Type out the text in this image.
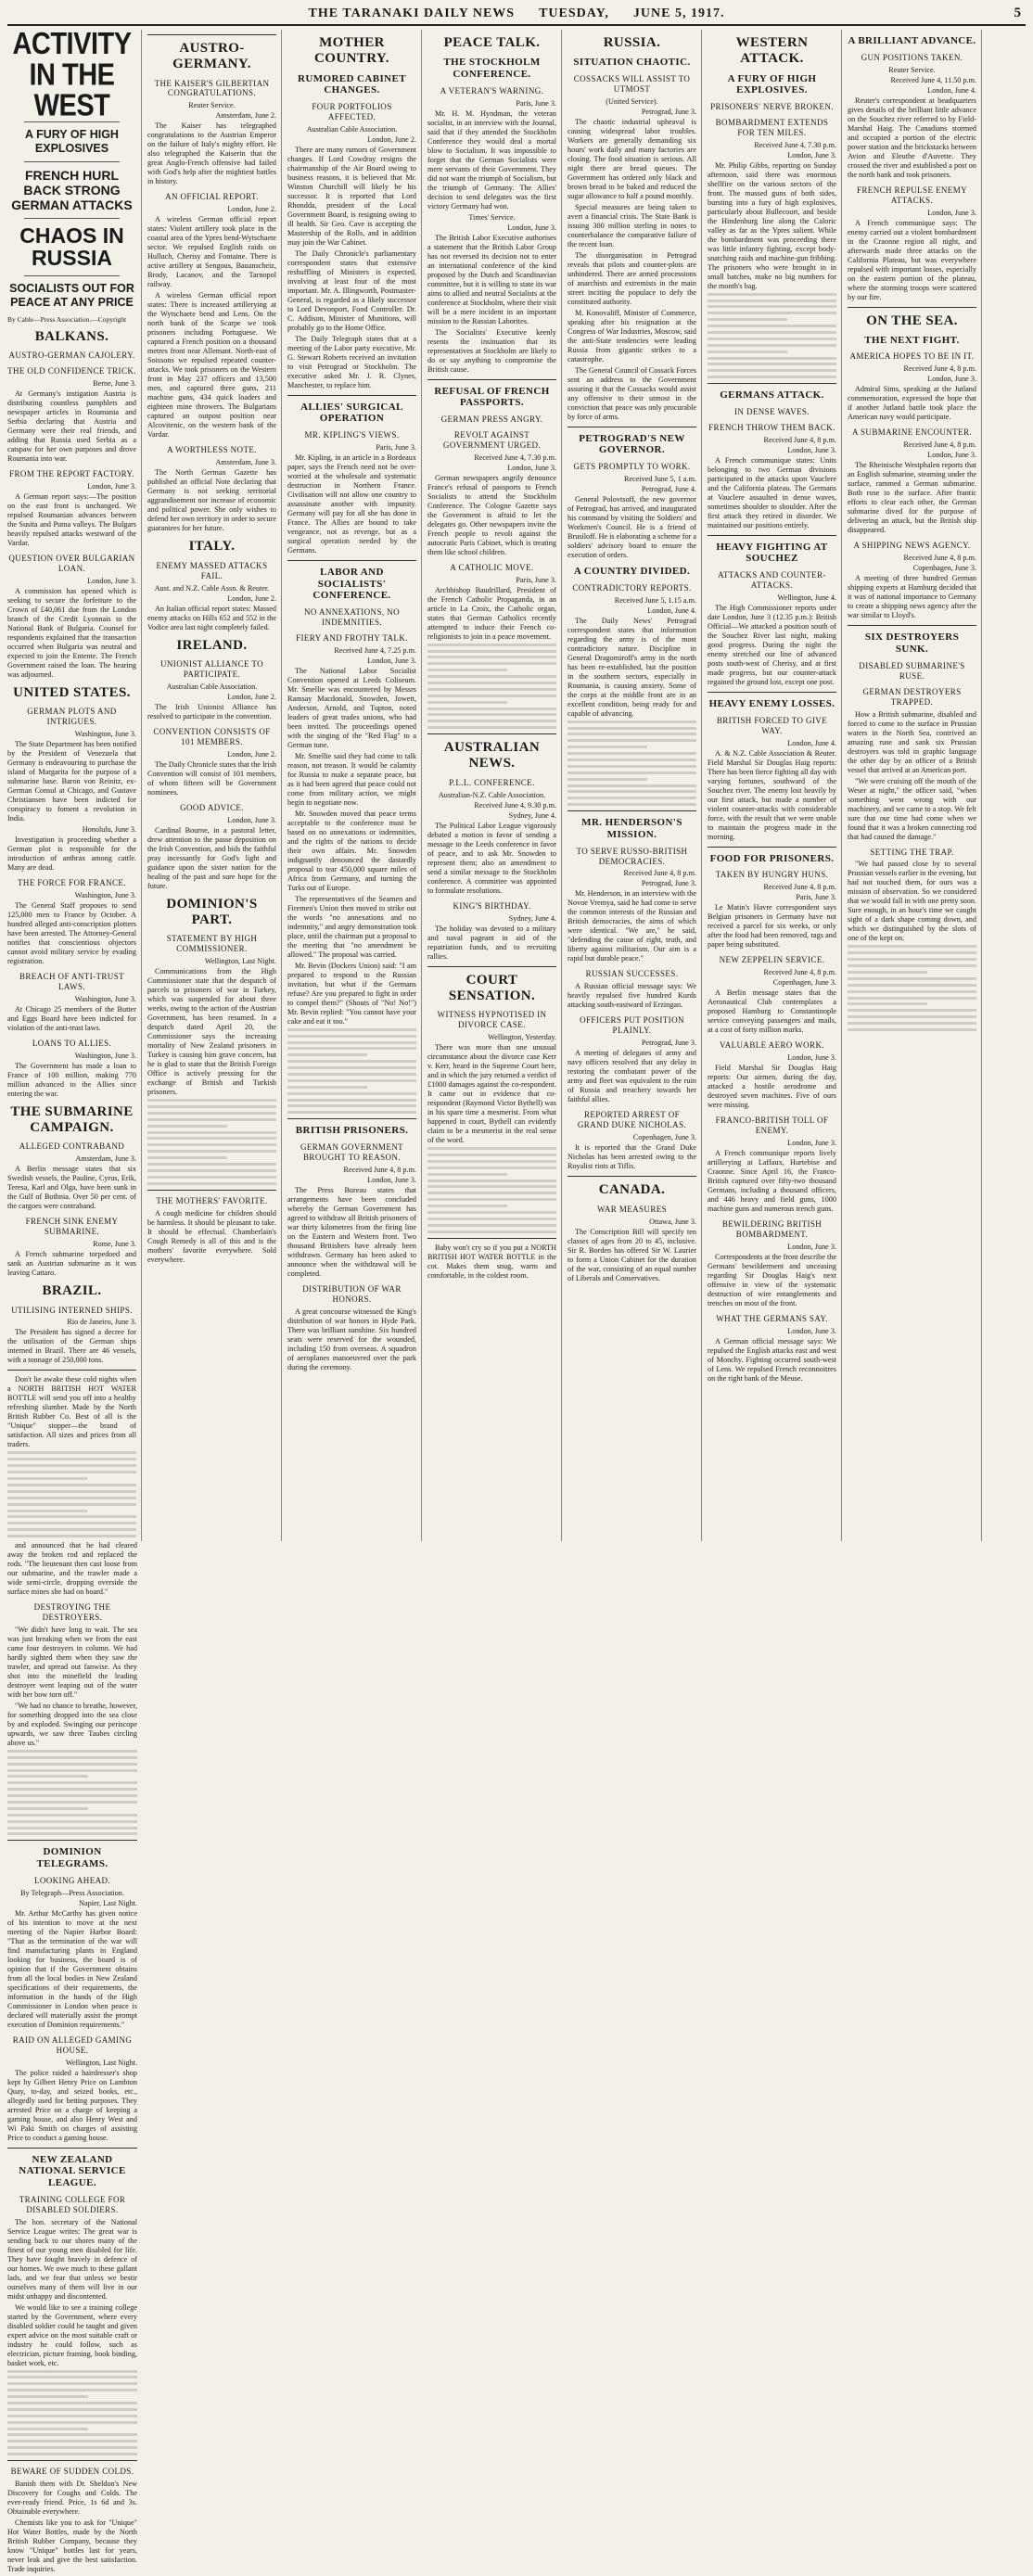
THE TARANAKI DAILY NEWS TUESDAY, JUNE 5, 1917.	5
ACTIVITY IN THE WEST
A FURY OF HIGH EXPLOSIVES
FRENCH HURL BACK STRONG GERMAN ATTACKS
CHAOS IN RUSSIA
SOCIALISTS OUT FOR PEACE AT ANY PRICE
By Cable—Press Association.—Copyright
BALKANS.
AUSTRO-GERMAN CAJOLERY.
THE OLD CONFIDENCE TRICK.
Berne, June 3.

At Germany's instigation Austria is distributing countless pamphlets and newspaper articles in Roumania and Serbia declaring that Austria and Germany were their real friends, and adding that Russia used Serbia as a catspaw for her own purposes and drove Roumania into war.

FROM THE REPORT FACTORY.
London, June 3.

A German report says:—The position on the east front is unchanged. We repulsed Roumanian advances between the Susita and Putna valleys. The Bulgars heavily repulsed attacks westward of the Vardar.

QUESTION OVER BULGARIAN LOAN.
London, June 3.

A commission has opened which is seeking to secure the forfeiture to the Crown of £40,061 due from the London branch of the Credit Lyonnais to the National Bank of Bulgaria. Counsel for respondents explained that the transaction occurred when Bulgaria was neutral and expected to join the Entente. The French Government raised the loan. The hearing was adjourned.

UNITED STATES.
GERMAN PLOTS AND INTRIGUES.
Washington, June 3.

The State Department has been notified by the President of Venezuela that Germany is endeavouring to purchase the island of Margarita for the purpose of a submarine base. Baron von Reinitz, ex-German Consul at Chicago, and Gustave Christiansen have been indicted for conspiracy to foment a revolution in India.

Honolulu, June 3.

Investigation is proceeding whether a German plot is responsible for the introduction of anthrax among cattle. Many are dead.

THE FORCE FOR FRANCE.
Washington, June 3.

The General Staff proposes to send 125,000 men to France by October. A hundred alleged anti-conscription plotters have been arrested. The Attorney-General notifies that conscientious objectors cannot avoid military service by evading registration.

BREACH OF ANTI-TRUST LAWS.
Washington, June 3.

At Chicago 25 members of the Butter and Eggs Board have been indicted for violation of the anti-trust laws.

LOANS TO ALLIES.
Washington, June 3.

The Government has made a loan to France of 100 million, making 770 million advanced to the Allies since entering the war.

THE SUBMARINE CAMPAIGN.
ALLEGED CONTRABAND
Amsterdam, June 3.

A Berlin message states that six Swedish vessels, the Pauline, Cyrus, Erik, Teresa, Karl and Olga, have been sunk in the Gulf of Bothnia. Over 50 per cent. of the cargoes were contraband.

FRENCH SINK ENEMY SUBMARINE.
Rome, June 3.

A French submarine torpedoed and sank an Austrian submarine as it was leaving Cattaro.

BRAZIL.
UTILISING INTERNED SHIPS.
Rio de Janeiro, June 3.

The President has signed a decree for the utilisation of the German ships interned in Brazil. There are 46 vessels, with a tonnage of 250,000 tons.

Don't lie awake these cold nights when a NORTH BRITISH HOT WATER BOTTLE will send you off into a healthy refreshing slumber. Made by the North British Rubber Co. Best of all is the "Unique" stopper—the brand of satisfaction. All sizes and prices from all traders.

AUSTRO-GERMANY.
THE KAISER'S GILBERTIAN CONGRATULATIONS.
Reuter Service.
Amsterdam, June 2.

The Kaiser has telegraphed congratulations to the Austrian Emperor on the failure of Italy's mighty effort. He also telegraphed the Kaiserin that the great Anglo-French offensive had failed with God's help after the mightiest battles in history.

AN OFFICIAL REPORT.
London, June 2.

A wireless German official report states: Violent artillery took place in the coastal area of the Ypres bend-Wytschaete sector. We repulsed English raids on Hulluch, Cherisy and Fontaine. There is active artillery at Sengous, Bauanscheiz, Brody, Lacanov, and the Tarnopol railway.

A wireless German official report states: There is increased artillerying at the Wytschaete bend and Lens. On the north bank of the Scarpe we took prisoners including Portuguese. We captured a French position on a thousand metres front near Allemant. North-east of Soissons we repulsed repeated counter-attacks. We took prisoners on the Western front in May 237 officers and 13,500 men, and captured three guns, 211 machine guns, 434 quick loaders and eighteen mine throwers. The Bulgarians captured an outpost position near Alcovitenic, on the western bank of the Vardar.

A WORTHLESS NOTE.
Amsterdam, June 3.

The North German Gazette has published an official Note declaring that Germany is not seeking territorial aggrandisement nor increase of economic and political power. She only wishes to defend her own territory in order to secure guarantees for her future.

ITALY.
ENEMY MASSED ATTACKS FAIL.
Aust. and N.Z. Cable Assn. & Reuter.
London, June 2.

An Italian official report states: Massed enemy attacks on Hills 652 and 552 in the Vodice area last night completely failed.

IRELAND.
UNIONIST ALLIANCE TO PARTICIPATE.
Australian Cable Association.
London, June 2.

The Irish Unionist Alliance has resolved to participate in the convention.

CONVENTION CONSISTS OF 101 MEMBERS.
London, June 2.

The Daily Chronicle states that the Irish Convention will consist of 101 members, of whom fifteen will be Government nominees.

GOOD ADVICE.
London, June 3.

Cardinal Bourne, in a pastoral letter, drew attention to the passe deposition on the Irish Convention, and bids the faithful pray incessantly for God's light and guidance upon the sister nation for the healing of the past and sure hope for the future.

DOMINION'S PART.
STATEMENT BY HIGH COMMISSIONER.
Wellington, Last Night.

Communications from the High Commissioner state that the despatch of parcels to prisoners of war in Turkey, which was suspended for about three weeks, owing to the action of the Austrian Government, has been resumed. In a despatch dated April 20, the Commissioner says the increasing mortality of New Zealand prisoners in Turkey is causing him grave concern, but he is glad to state that the British Foreign Office is actively pressing for the exchange of British and Turkish prisoners.

THE MOTHERS' FAVORITE.

A cough medicine for children should be harmless. It should be pleasant to take. It should be effectual. Chamberlain's Cough Remedy is all of this and is the mothers' favorite everywhere. Sold everywhere.

MOTHER COUNTRY.
RUMORED CABINET CHANGES.
FOUR PORTFOLIOS AFFECTED.
Australian Cable Association.
London, June 2.

There are many rumors of Government changes. If Lord Cowdray resigns the chairmanship of the Air Board owing to business reasons, it is believed that Mr. Winston Churchill will likely be his successor. It is reported that Lord Rhondda, president of the Local Government Board, is resigning owing to ill health. Sir Geo. Cave is accepting the Mastership of the Rolls, and in addition may join the War Cabinet.

The Daily Chronicle's parliamentary correspondent states that extensive reshuffling of Ministers is expected, involving at least four of the most important. Mr. A. Illingworth, Postmaster-General, is regarded as a likely successor to Lord Devonport, Food Controller. Dr. C. Addison, Minister of Munitions, will probably go to the Home Office.

The Daily Telegraph states that at a meeting of the Labor party executive, Mr. G. Stewart Roberts received an invitation to visit Petrograd or Stockholm. The executive asked Mr. J. R. Clynes, Manchester, to replace him.

ALLIES' SURGICAL OPERATION
MR. KIPLING'S VIEWS.
Paris, June 3.

Mr. Kipling, in an article in a Bordeaux paper, says the French need not be over-worried at the wholesale and systematic destruction in Northern France. Civilisation will not allow one country to assassinate another with impunity. Germany will pay for all she has done in France. The Allies are bound to take vengeance, not as revenge, but as a surgical operation needed by the Germans.

LABOR AND SOCIALISTS' CONFERENCE.
NO ANNEXATIONS, NO INDEMNITIES.
FIERY AND FROTHY TALK.
Received June 4, 7.25 p.m.
London, June 3.

The National Labor Socialist Convention opened at Leeds Coliseum. Mr. Smellie was encountered by Messrs Ramsay Macdonald, Snowden, Jowett, Anderson, Arnold, and Tupton, noted leaders of great trades unions, who had been invited. The proceedings opened with the singing of the "Red Flag" to a German tune.

Mr. Smellie said they had come to talk reason, not treason. It would be calamity for Russia to make a separate peace, but as it had been agreed that peace could not come from military action, we might begin to negotiate now.

Mr. Snowden moved that peace terms acceptable to the conference must be based on no annexations or indemnities, and the rights of the nations to decide their own affairs. Mr. Snowden indignantly denounced the dastardly proposal to tear 450,000 square miles of Africa from Germany, and turning the Turks out of Europe.

The representatives of the Seamen and Firemen's Union then moved to strike out the words "no annexations and no indemnity," and angry demonstration took place, until the chairman put a proposal to the meeting that "no amendment be allowed." The proposal was carried.

Mr. Bevin (Dockers Union) said: "I am prepared to respond to the Russian invitation, but what if the Germans refuse? Are you prepared to fight in order to compel them?" (Shouts of "No! No!") Mr. Bevin replied: "You cannot have your cake and eat it too."

BRITISH PRISONERS.
GERMAN GOVERNMENT BROUGHT TO REASON.
Received June 4, 8 p.m.
London, June 3.

The Press Bureau states that arrangements have been concluded whereby the German Government has agreed to withdraw all British prisoners of war thirty kilometres from the firing line on the Eastern and Western front. Two thousand Britishers have already been withdrawn. Germany has been asked to announce when the withdrawal will be completed.

DISTRIBUTION OF WAR HONORS.

A great concourse witnessed the King's distribution of war honors in Hyde Park. There was brilliant sunshine. Six hundred seats were reserved for the wounded, including 150 from overseas. A squadron of aeroplanes manoeuvred over the park during the ceremony.

PEACE TALK.
THE STOCKHOLM CONFERENCE.
A VETERAN'S WARNING.
Paris, June 3.

Mr. H. M. Hyndman, the veteran socialist, in an interview with the Journal, said that if they attended the Stockholm Conference they would deal a mortal blow to Socialism. It was impossible to forget that the German Socialists were mere servants of their Government. They did not want the triumph of Socialism, but the triumph of Germany. The Allies' decision to send delegates was the first victory Germany had won.

Times' Service.
London, June 3.

The British Labor Executive authorises a statement that the British Labor Group has not reversed its decision not to enter an international conference of the kind proposed by the Dutch and Scandinavian committee, but it is willing to state its war aims to allied and neutral Socialists at the conference at Stockholm, where their visit will be a mere incident in an important mission to the Russian Laborites.

The Socialists' Executive keenly resents the insinuation that its representatives at Stockholm are likely to do or say anything to compromise the British cause.

REFUSAL OF FRENCH PASSPORTS.
GERMAN PRESS ANGRY.
REVOLT AGAINST GOVERNMENT URGED.
Received June 4, 7.30 p.m.
London, June 3.

German newspapers angrily denounce France's refusal of passports to French Socialists to attend the Stockholm Conference. The Cologne Gazette says the Government is afraid to let the delegates go. Other newspapers invite the French people to revolt against the autocratic Paris Cabinet, which is treating them like school children.

A CATHOLIC MOVE.
Paris, June 3.

Archbishop Baudrillard, President of the French Catholic Propaganda, in an article in La Croix, the Catholic organ, states that German Catholics recently attempted to induce their French co-religionists to join in a peace movement.

AUSTRALIAN NEWS.
P.L.L. CONFERENCE.
Australian-N.Z. Cable Association.
Received June 4, 9.30 p.m.
Sydney, June 4.

The Political Labor League vigorously debated a motion in favor of sending a message to the Leeds conference in favor of peace, and to ask Mr. Snowden to represent them; also an amendment to send a similar message to the Stockholm conference. A committee was appointed to formulate resolutions.

KING'S BIRTHDAY.
Sydney, June 4.

The holiday was devoted to a military and naval pageant in aid of the repatriation funds, and to recruiting rallies.

COURT SENSATION.
WITNESS HYPNOTISED IN DIVORCE CASE.
Wellington, Yesterday.

There was more than one unusual circumstance about the divorce case Kerr v. Kerr, heard in the Supreme Court here, and in which the jury returned a verdict of £1000 damages against the co-respondent. It came out in evidence that co-respondent (Raymond Victor Bythell) was in his spare time a mesmerist. From what happened in court, Bythell can evidently claim to be a mesmerist in the real sense of the word.

Baby won't cry so if you put a NORTH BRITISH HOT WATER BOTTLE in the cot. Makes them snug, warm and comfortable, in the coldest room.

RUSSIA.
SITUATION CHAOTIC.
COSSACKS WILL ASSIST TO UTMOST
(United Service).
Petrograd, June 3.

The chaotic industrial upheaval is causing widespread labor troubles. Workers are generally demanding six hours' work daily and many factories are closing. The food situation is serious. All night there are bread queues. The Government has ordered only black and brown bread to be baked and reduced the sugar allowance to half a pound monthly.

Special measures are being taken to avert a financial crisis. The State Bank is issuing 300 million sterling in notes to counterbalance the comparative failure of the recent loan.

The disorganisation in Petrograd reveals that pilots and counter-plots are unhindered. There are armed processions of anarchists and extremists in the main street inciting the populace to defy the constituted authority.

M. Konovaliff, Minister of Commerce, speaking after his resignation at the Congress of War Industries, Moscow, said the anti-State tendencies were leading Russia from gigantic strikes to a catastrophe.

The General Council of Cossack Forces sent an address to the Government assuring it that the Cossacks would assist any offensive to their utmost in the conviction that peace was only procurable by force of arms.

PETROGRAD'S NEW GOVERNOR.
GETS PROMPTLY TO WORK.
Received June 5, 1 a.m.
Petrograd, June 4.

General Polovtsoff, the new governor of Petrograd, has arrived, and inaugurated his command by visiting the Soldiers' and Workmen's Council. He is a friend of Brusiloff. He is elaborating a scheme for a soldiers' advisory board to ensure the execution of orders.

A COUNTRY DIVIDED.
CONTRADICTORY REPORTS.
Received June 5, 1.15 a.m.
London, June 4.

The Daily News' Petrograd correspondent states that information regarding the army is of the most contradictory nature. Discipline in General Dragomiroff's army in the north has been re-established, but the position in the southern sectors, especially in Roumania, is causing anxiety. Some of the corps at the middle front are in an excellent condition, being ready for and capable of advancing.

MR. HENDERSON'S MISSION.
TO SERVE RUSSO-BRITISH DEMOCRACIES.
Received June 4, 8 p.m.
Petrograd, June 3.

Mr. Henderson, in an interview with the Novoe Vremya, said he had come to serve the common interests of the Russian and British democracies, the aims of which were identical. "We are," he said, "defending the cause of right, truth, and liberty against militarism. Our aim is a rapid but durable peace."

RUSSIAN SUCCESSES.

A Russian official message says: We heavily repulsed five hundred Kurds attacking south-eastward of Erzingan.

OFFICERS PUT POSITION PLAINLY.
Petrograd, June 3.

A meeting of delegates of army and navy officers resolved that any delay in restoring the combatant power of the army and fleet was equivalent to the ruin of Russia and treachery towards her faithful allies.

REPORTED ARREST OF GRAND DUKE NICHOLAS.
Copenhagen, June 3.

It is reported that the Grand Duke Nicholas has been arrested owing to the Royalist riots at Tiflis.

CANADA.
WAR MEASURES
Ottawa, June 3.

The Conscription Bill will specify ten classes of ages from 20 to 45, inclusive. Sir R. Borden has offered Sir W. Laurier to form a Union Cabinet for the duration of the war, consisting of an equal number of Liberals and Conservatives.

WESTERN ATTACK.
A FURY OF HIGH EXPLOSIVES.
PRISONERS' NERVE BROKEN.
BOMBARDMENT EXTENDS FOR TEN MILES.
Received June 4, 7.30 p.m.
London, June 3.

Mr. Philip Gibbs, reporting on Sunday afternoon, said there was enormous shellfire on the various sectors of the front. The massed guns of both sides, bursting into a fury of high explosives, particularly about Bullecourt, and beside the Hindenburg line along the Caloric valley as far as the Ypres salient. While the bombardment was proceeding there was little infantry fighting, except body-snatching raids and machine-gun fribbing. The prisoners who were brought in in small batches, make no big numbers for the month's bag.

GERMANS ATTACK.
IN DENSE WAVES.
FRENCH THROW THEM BACK.
Received June 4, 8 p.m.
London, June 3.

A French communique states: Units belonging to two German divisions participated in the attacks upon Vauclere and the California plateau. The Germans at Vauclere assaulted in dense waves, sometimes shoulder to shoulder. After the first attack they retired in disorder. We maintained our positions entirely.

HEAVY FIGHTING AT SOUCHEZ
ATTACKS AND COUNTER-ATTACKS.
Wellington, June 4.

The High Commissioner reports under date London, June 3 (12.35 p.m.): British Official—We attacked a position south of the Souchez River last night, making good progress. During the night the enemy stretched our line of advanced posts south-west of Cherisy, and at first made progress, but our counter-attack regained the ground lost, except one post.

HEAVY ENEMY LOSSES.
BRITISH FORCED TO GIVE WAY.
London, June 4.

A. & N.Z. Cable Association & Reuter. Field Marshal Sir Douglas Haig reports: There has been fierce fighting all day with varying fortunes, southward of the Souchez river. The enemy lost heavily by our first attack, but made a number of violent counter-attacks with considerable force, with the result that we were unable to maintain the progress made in the morning.

FOOD FOR PRISONERS.
TAKEN BY HUNGRY HUNS.
Received June 4, 8 p.m.
Paris, June 3.

Le Matin's Havre correspondent says Belgian prisoners in Germany have not received a parcel for six weeks, or only after the food had been removed, rags and paper being substituted.

NEW ZEPPELIN SERVICE.
Received June 4, 8 p.m.
Copenhagen, June 3.

A Berlin message states that the Aeronautical Club contemplates a proposed Hamburg to Constantinople service conveying passengers and mails, at a cost of forty million marks.

VALUABLE AERO WORK.
London, June 3.

Field Marshal Sir Douglas Haig reports: Our airmen, during the day, attacked a hostile aerodrome and destroyed seven machines. Five of ours were missing.

FRANCO-BRITISH TOLL OF ENEMY.
London, June 3.

A French communique reports lively artillerying at Laffaux, Hurtebise and Craonne. Since April 16, the Franco-British captured over fifty-two thousand Germans, including a thousand officers, and 446 heavy and field guns, 1000 machine guns and numerous trench guns.

BEWILDERING BRITISH BOMBARDMENT.
London, June 3.

Correspondents at the front describe the Germans' bewilderment and unceasing regarding Sir Douglas Haig's next offensive in view of the systematic destruction of wire entanglements and trenches on most of the front.

WHAT THE GERMANS SAY.
London, June 3.

A German official message says: We repulsed the English attacks east and west of Monchy. Fighting occurred south-west of Lens. We repulsed French reconnoitres on the right bank of the Meuse.

A BRILLIANT ADVANCE.
GUN POSITIONS TAKEN.
Reuter Service.
Received June 4, 11.50 p.m.
London, June 4.

Reuter's correspondent at headquarters gives details of the brilliant little advance on the Souchez river referred to by Field-Marshal Haig. The Canadians stormed and occupied a portion of the electric power station and the brickstacks between Avion and Eleuthe d'Auvette. They crossed the river and established a post on the north bank and took prisoners.

FRENCH REPULSE ENEMY ATTACKS.
London, June 3.

A French communique says: The enemy carried out a violent bombardment in the Craonne region all night, and afterwards made three attacks on the California Plateau, but was everywhere repulsed with important losses, especially on the eastern portion of the plateau, where the storming troops were scattered by our fire.

ON THE SEA.
THE NEXT FIGHT.
AMERICA HOPES TO BE IN IT.
Received June 4, 8 p.m.
London, June 3.

Admiral Sims, speaking at the Jutland commemoration, expressed the hope that if another Jutland battle took place the American navy would participate.

A SUBMARINE ENCOUNTER.
Received June 4, 8 p.m.
London, June 3.

The Rheinische Westphalen reports that an English submarine, steaming under the surface, rammed a German submarine. Both rose to the surface. After frantic efforts to clear each other, the German submarine dived for the purpose of delivering an attack, but the British ship disappeared.

A SHIPPING NEWS AGENCY.
Received June 4, 8 p.m.
Copenhagen, June 3.

A meeting of three hundred German shipping experts at Hamburg decided that it was of national importance to Germany to create a shipping news agency after the war similar to Lloyd's.

SIX DESTROYERS SUNK.
DISABLED SUBMARINE'S RUSE.
GERMAN DESTROYERS TRAPPED.

How a British submarine, disabled and forced to come to the surface in Prussian waters in the North Sea, contrived an amazing ruse and sank six Prussian destroyers was told in graphic language the other day by an officer of a British vessel that arrived at an American port.

"We were cruising off the mouth of the Weser at night," the officer said, "when something went wrong with our machinery, and we came to a stop. We felt sure that our time had come when we found that it was a broken connecting rod that had caused the damage."

SETTING THE TRAP.

"We had passed close by to several Prussian vessels earlier in the evening, but had not touched them, for ours was a mission of observation. So we considered that we would fall in with one pretty soon. Sure enough, in an hour's time we caught sight of a dark shape coming down, and which we distinguished by the slots of one of the kept on.

and announced that he had cleared away the broken rod and replaced the rods. "The lieutenant then cast loose from our submarine, and the trawler made a wide semi-circle, dropping overside the surface mines she had on board."

DESTROYING THE DESTROYERS.

"We didn't have long to wait. The sea was just breaking when we from the east came four destroyers in column. We had hardly sighted them when they saw the trawler, and spread out fanwise. As they shot into the minefield the leading destroyer went leaping out of the water with her bow torn off."

"We had no chance to breathe, however, for something dropped into the sea close by and exploded. Swinging our periscope upwards, we saw three Taubes circling above us."

DOMINION TELEGRAMS.
LOOKING AHEAD.
By Telegraph—Press Association.
Napier, Last Night.

Mr. Arthur McCarthy has given notice of his intention to move at the next meeting of the Napier Harbor Board: "That as the termination of the war will find manufacturing plants in England looking for business, the board is of opinion that if the Government obtains from all the local bodies in New Zealand specifications of their requirements, the information in the hands of the High Commissioner in London when peace is declared will materially assist the prompt execution of Dominion requirements."

RAID ON ALLEGED GAMING HOUSE.
Wellington, Last Night.

The police raided a hairdresser's shop kept by Gilbert Henry Price on Lambton Quay, to-day, and seized books, etc., allegedly used for betting purposes. They arrested Price on a charge of keeping a gaming house, and also Henry West and Wi Paki Smith on charges of assisting Price to conduct a gaming house.

NEW ZEALAND NATIONAL SERVICE LEAGUE.
TRAINING COLLEGE FOR DISABLED SOLDIERS.

The hon. secretary of the National Service League writes: The great war is sending back to our shores many of the finest of our young men disabled for life. They have fought bravely in defence of our homes. We owe much to these gallant lads, and we fear that unless we bestir ourselves many of them will live in our midst unhappy and discontented.

We would like to see a training college started by the Government, where every disabled soldier could be taught and given expert advice on the most suitable craft or industry he could follow, such as electrician, picture framing, book binding, basket work, etc.

BEWARE OF SUDDEN COLDS.

Banish them with Dr. Sheldon's New Discovery for Coughs and Colds. The ever-ready friend. Price, 1s 6d and 3s. Obtainable everywhere.

Chemists like you to ask for "Unique" Hot Water Bottles, made by the North British Rubber Company, because they know "Unique" bottles last for years, never leak and give the best satisfaction. Trade inquiries.
